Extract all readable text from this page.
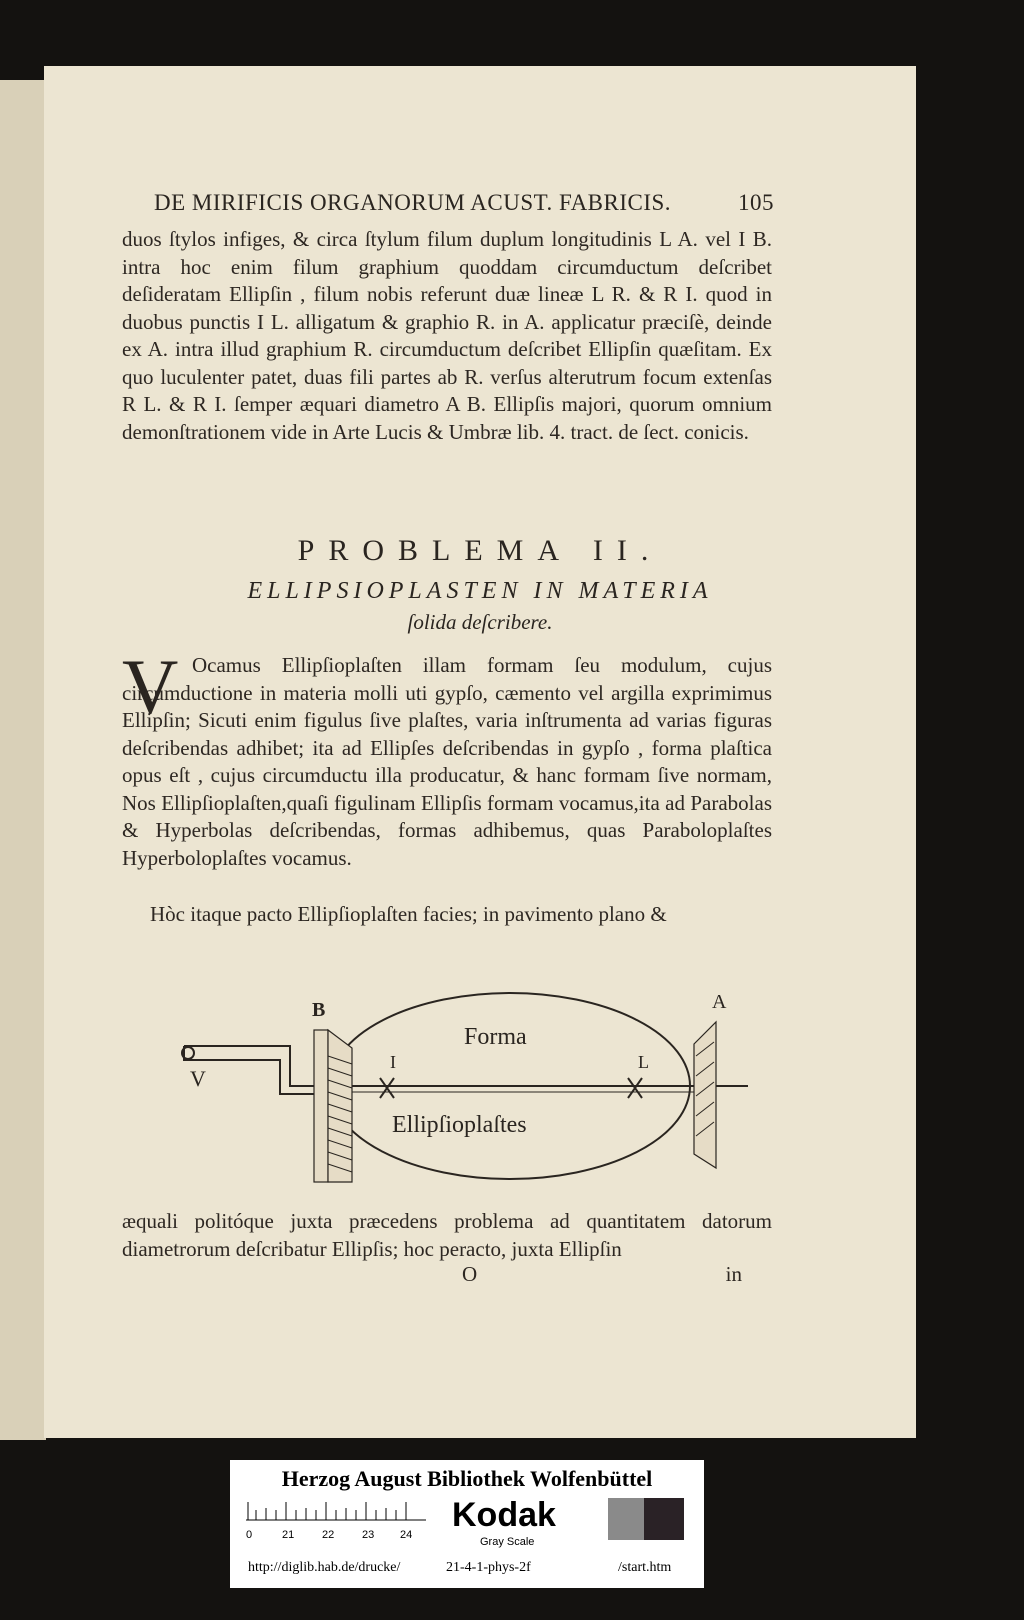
DE MIRIFICIS ORGANORUM ACUST. FABRICIS.	105
duos ſtylos infiges, & circa ſtylum filum duplum longitudinis L A. vel I B. intra hoc enim filum graphium quoddam circumductum deſcribet deſideratam Ellipſin , filum nobis referunt duæ lineæ L R. & R I. quod in duobus punctis I L. alligatum & graphio R. in A. applicatur præciſè, deinde ex A. intra illud graphium R. circumductum deſcribet Ellipſin quæſitam. Ex quo luculenter patet, duas fili partes ab R. verſus alterutrum focum extenſas R L. & R I. ſemper æquari diametro A B. Ellipſis majori, quorum omnium demonſtrationem vide in Arte Lucis & Umbræ lib. 4. tract. de ſect. conicis.
PROBLEMA II.
ELLIPSIOPLASTEN IN MATERIA
ſolida deſcribere.
V Ocamus Ellipſioplaſten illam formam ſeu modulum, cujus circumductione in materia molli uti gypſo, cæmento vel argilla exprimimus Ellipſin; Sicuti enim figulus ſive plaſtes, varia inſtrumenta ad varias figuras deſcribendas adhibet; ita ad Ellipſes deſcribendas in gypſo , forma plaſtica opus eſt , cujus circumductu illa producatur, & hanc formam ſive normam, Nos Ellipſioplaſten,quaſi figulinam Ellipſis formam vocamus,ita ad Parabolas & Hyperbolas deſcribendas, formas adhibemus, quas Paraboloplaſtes Hyperboloplaſtes vocamus.
Hòc itaque pacto Ellipſioplaſten facies; in pavimento plano &
B	A
V
I	L
Forma
Ellipſioplaſtes
æquali politóque juxta præcedens problema ad quantitatem datorum diametrorum deſcribatur Ellipſis; hoc peracto, juxta Ellipſin
O	in
Herzog August Bibliothek Wolfenbüttel
0	21	22	23 24
Kodak
Gray Scale
http://diglib.hab.de/drucke/	21-4-1-phys-2f	/start.htm
